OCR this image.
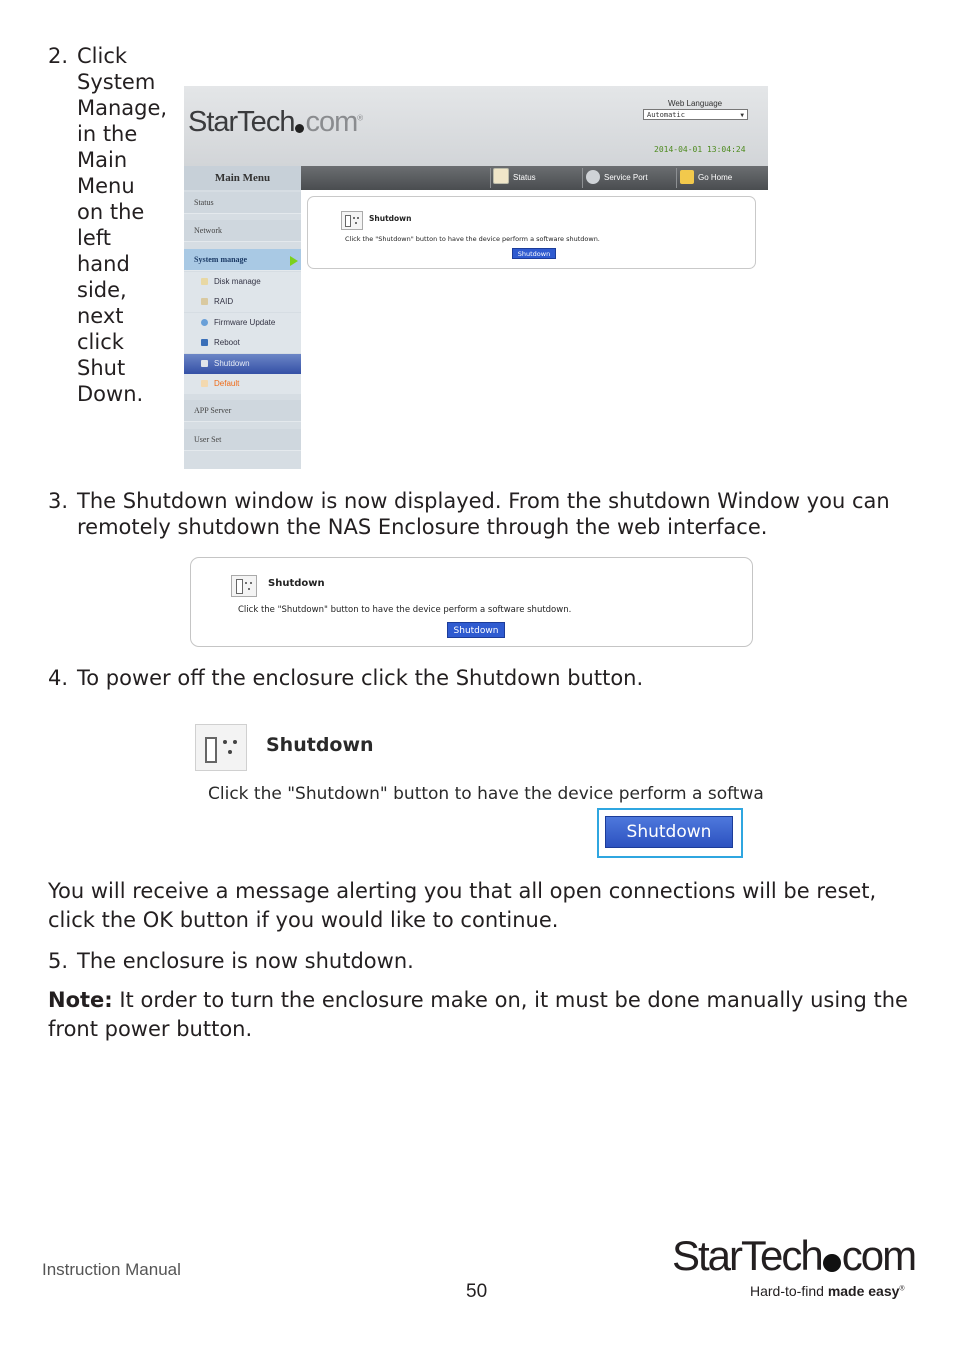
2. Click System Manage, in the Main Menu on the left hand side, next click Shut Down.
StarTech com®
Web Language
Automatic	▼
2014-04-01 13:04:24
Status	Service Port	Go Home
Main Menu
Status
Network
System manage
Disk manage
RAID
Firmware Update
Reboot
Shutdown
Default
APP Server
User Set
Shutdown
Click the "Shutdown" button to have the device perform a software shutdown.
Shutdown
3. The Shutdown window is now displayed. From the shutdown Window you can
remotely shutdown the NAS Enclosure through the web interface.
Shutdown
Click the "Shutdown" button to have the device perform a software shutdown.
Shutdown
4. To power off the enclosure click the Shutdown button.
Shutdown
Click the "Shutdown" button to have the device perform a softwa
Shutdown
You will receive a message alerting you that all open connections will be reset, click the OK button if you would like to continue.
5. The enclosure is now shutdown.
Note: It order to turn the enclosure make on, it must be done manually using the front power button.
Instruction Manual
50
StarTech com
Hard-to-find made easy®
